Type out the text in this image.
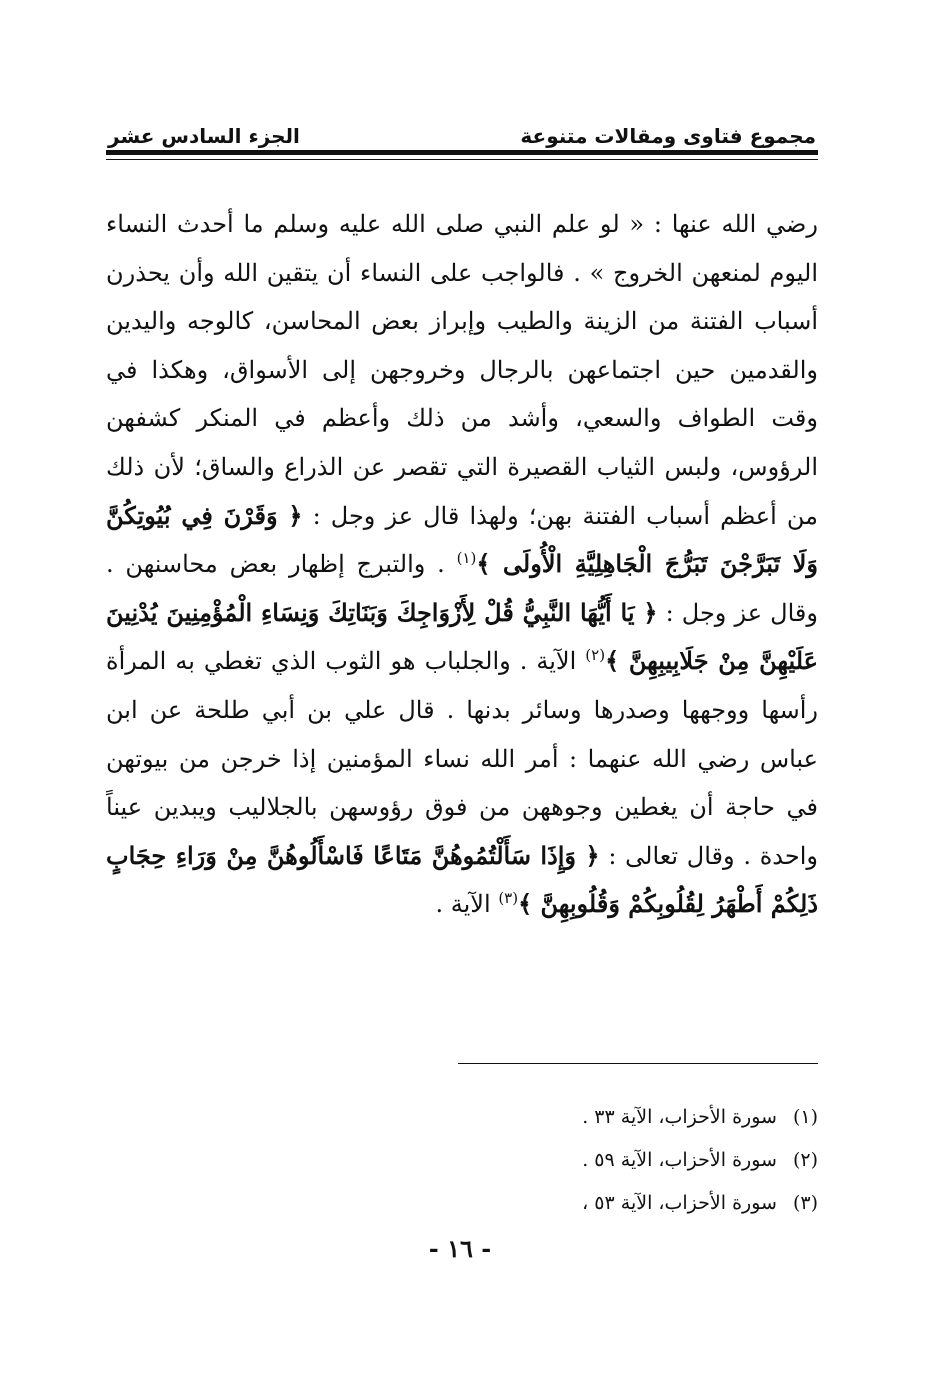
مجموع فتاوى ومقالات متنوعة
الجزء السادس عشر

رضي الله عنها : « لو علم النبي صلى الله عليه وسلم ما أحدث النساء اليوم لمنعهن الخروج » . فالواجب على النساء أن يتقين الله وأن يحذرن أسباب الفتنة من الزينة والطيب وإبراز بعض المحاسن، كالوجه واليدين والقدمين حين اجتماعهن بالرجال وخروجهن إلى الأسواق، وهكذا في وقت الطواف والسعي، وأشد من ذلك وأعظم في المنكر كشفهن الرؤوس، ولبس الثياب القصيرة التي تقصر عن الذراع والساق؛ لأن ذلك من أعظم أسباب الفتنة بهن؛ ولهذا قال عز وجل : ﴿ وَقَرْنَ فِي بُيُوتِكُنَّ وَلَا تَبَرَّجْنَ تَبَرُّجَ الْجَاهِلِيَّةِ الْأُولَى ﴾$^{(١)}$ . والتبرج إظهار بعض محاسنهن . وقال عز وجل : ﴿ يَا أَيُّهَا النَّبِيُّ قُلْ لِأَزْوَاجِكَ وَبَنَاتِكَ وَنِسَاءِ الْمُؤْمِنِينَ يُدْنِينَ عَلَيْهِنَّ مِنْ جَلَابِيبِهِنَّ ﴾$^{(٢)}$ الآية . والجلباب هو الثوب الذي تغطي به المرأة رأسها ووجهها وصدرها وسائر بدنها . قال علي بن أبي طلحة عن ابن عباس رضي الله عنهما : أمر الله نساء المؤمنين إذا خرجن من بيوتهن في حاجة أن يغطين وجوههن من فوق رؤوسهن بالجلاليب ويبدين عيناً واحدة . وقال تعالى : ﴿ وَإِذَا سَأَلْتُمُوهُنَّ مَتَاعًا فَاسْأَلُوهُنَّ مِنْ وَرَاءِ حِجَابٍ ذَلِكُمْ أَطْهَرُ لِقُلُوبِكُمْ وَقُلُوبِهِنَّ ﴾$^{(٣)}$ الآية .

(١)سورة الأحزاب، الآية ٣٣ .
(٢)سورة الأحزاب، الآية ٥٩ .
(٣)سورة الأحزاب، الآية ٥٣ ،
- ١٦ -
